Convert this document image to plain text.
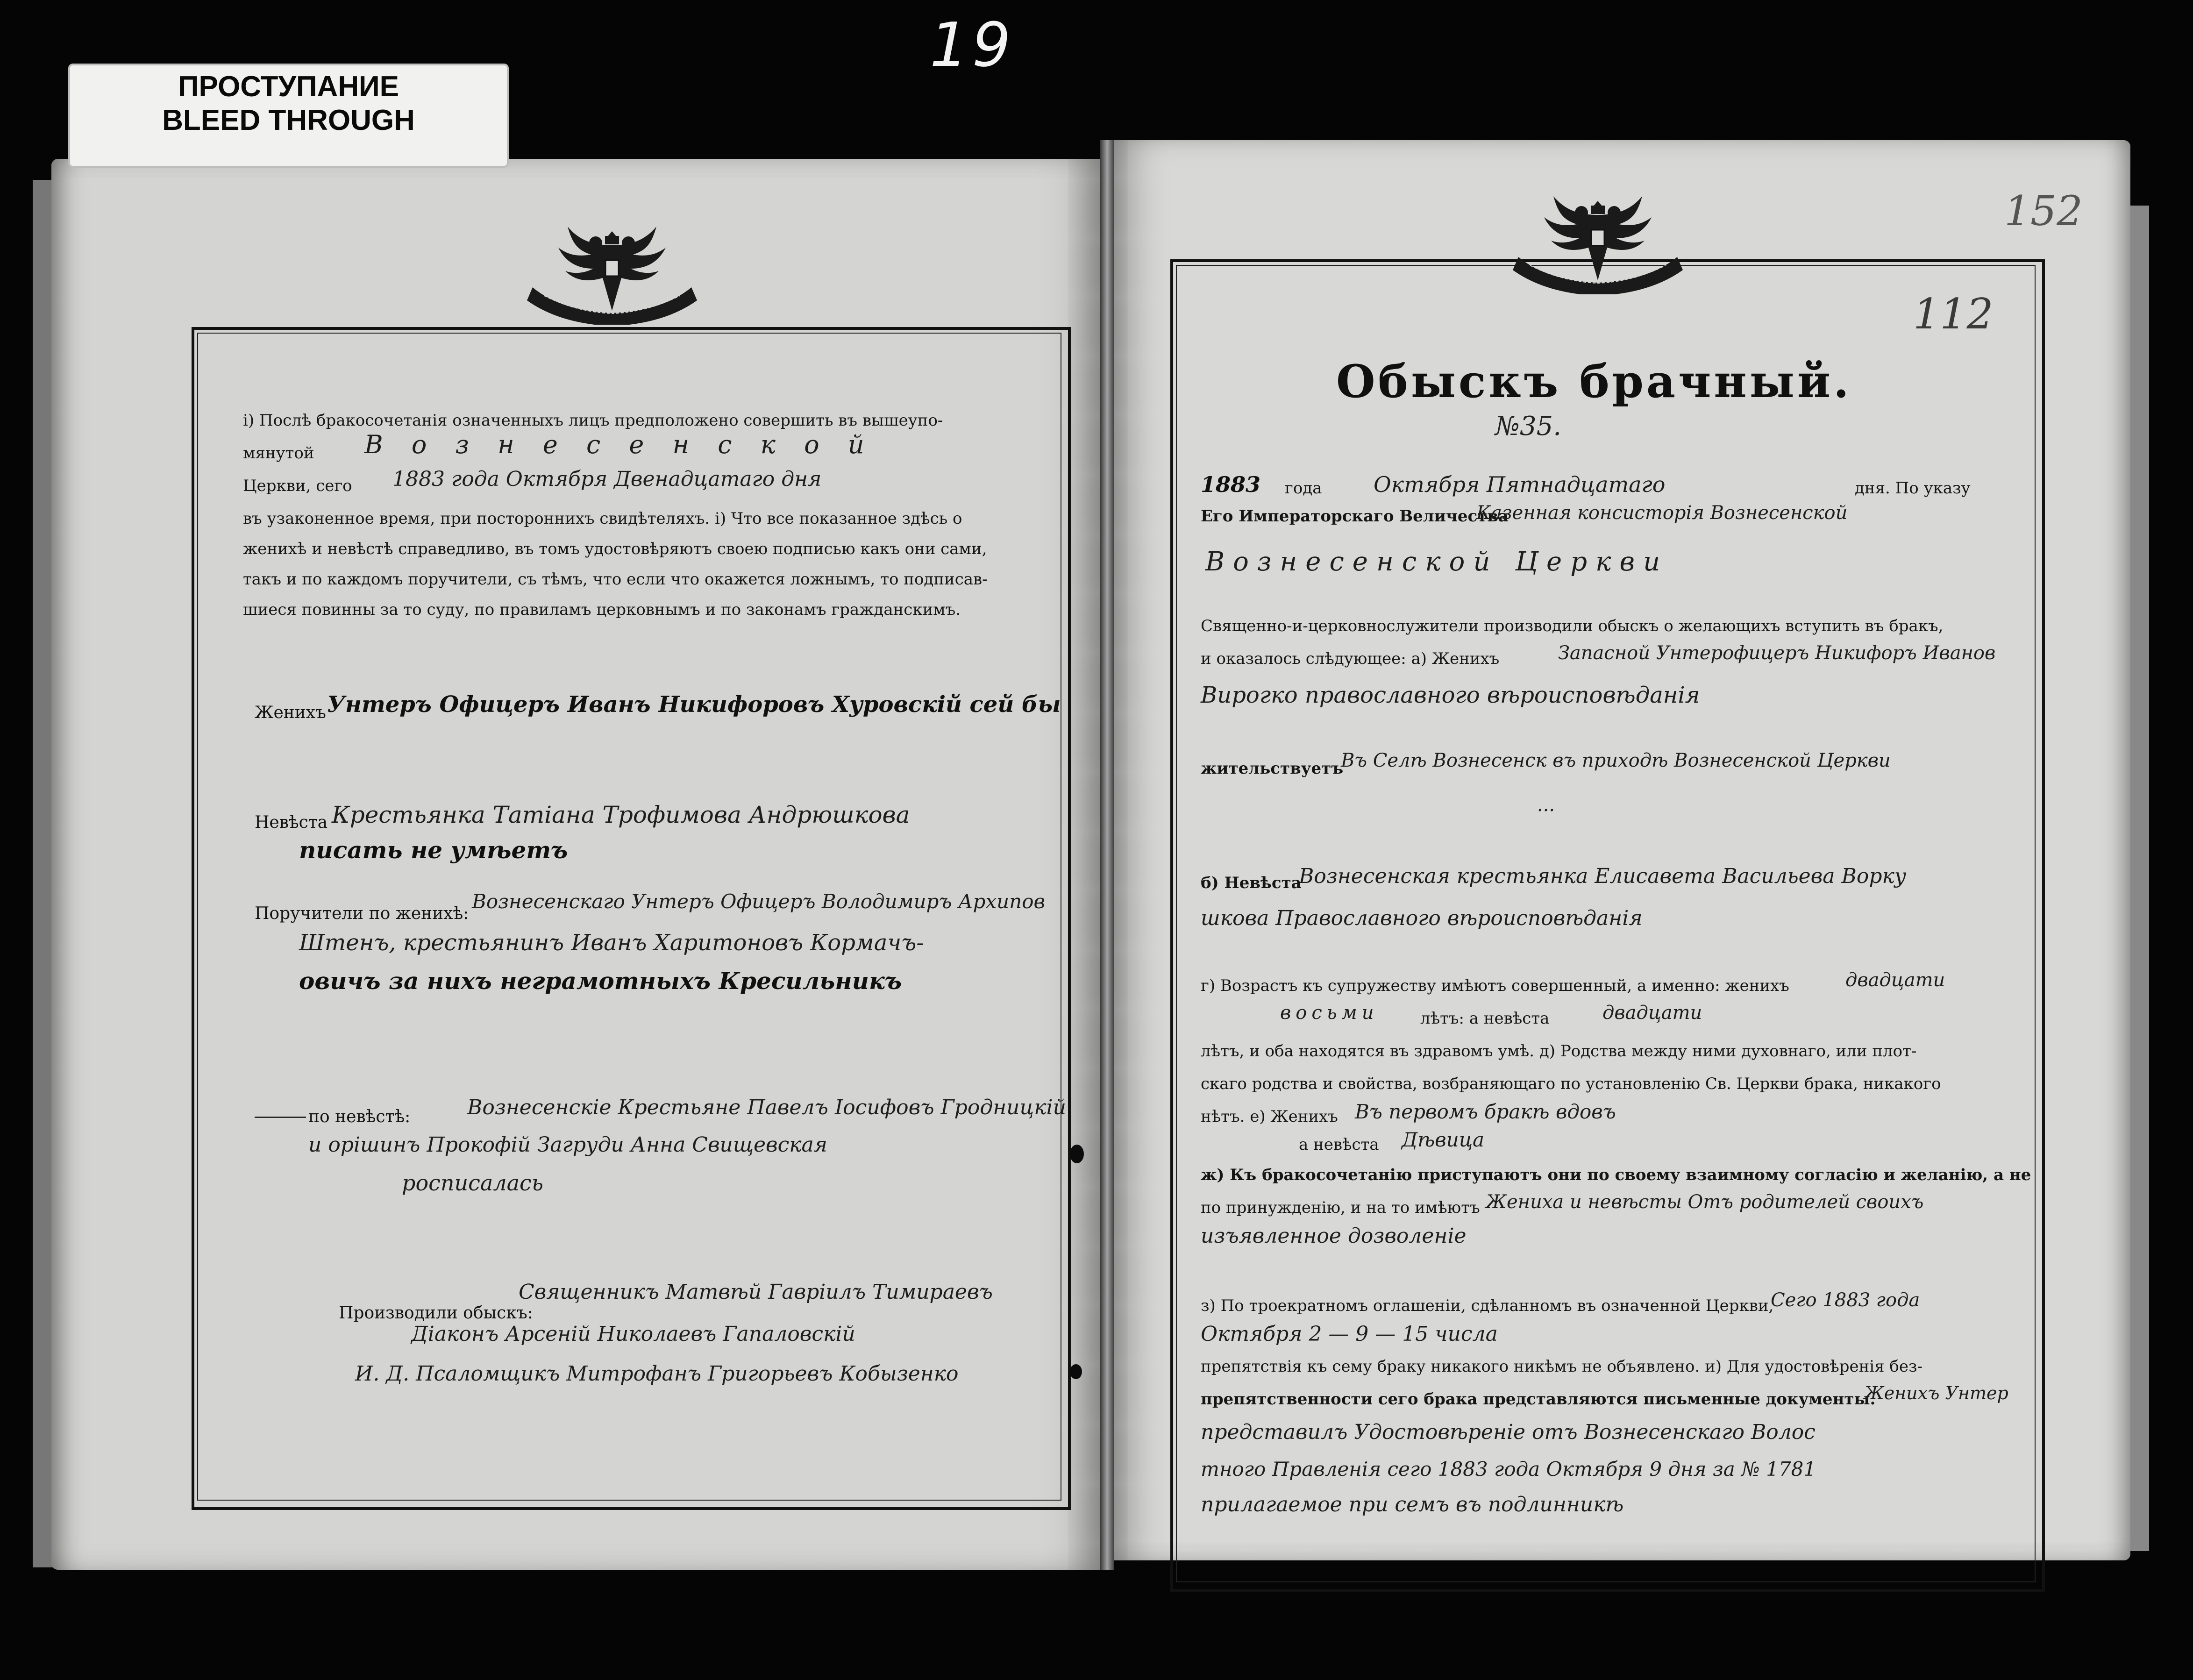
19
ПРОСТУПАНИЕ
BLEED THROUGH
152
112
Обыскъ брачный.
№35.
1883 года Октября Пятнадцатаго	дня. По указу
Его Императорскаго Величества
Казенная консисторія Вознесенской
Вознесенской Церкви
Священно-и-церковнослужители производили обыскъ о желающихъ вступить въ бракъ,
и оказалось слѣдующее: а) Женихъ	Запасной Унтерофицеръ Никифоръ Иванов
Вирогко православного вѣроисповѣданія
жительствуетъ
Въ Селѣ Вознесенск въ приходѣ Вознесенской Церкви
...
б) Невѣста
Вознесенская крестьянка Елисавета Васильева Ворку
шкова Православного вѣроисповѣданія
г) Возрастъ къ супружеству имѣютъ совершенный, а именно: женихъ	двадцати
восьми	лѣтъ: а невѣста	двадцати
лѣтъ, и оба находятся въ здравомъ умѣ. д) Родства между ними духовнаго, или плот-
скаго родства и свойства, возбраняющаго по установленію Св. Церкви брака, никакого
нѣтъ. е) Женихъ Въ первомъ бракѣ вдовъ
а невѣста Дѣвица
ж) Къ бракосочетанію приступаютъ они по своему взаимному согласію и желанію, а не
по принужденію, и на то имѣютъ Жениха и невѣсты Отъ родителей своихъ
изъявленное дозволеніе
з) По троекратномъ оглашеніи, сдѣланномъ въ означенной Церкви,
Сего 1883 года
Октября 2 — 9 — 15 числа
препятствія къ сему браку никакого никѣмъ не объявлено. и) Для удостовѣренія без-
препятственности сего брака представляются письменные документы.
Женихъ Унтер
представилъ Удостовѣреніе отъ Вознесенскаго Волос
тного Правленія сего 1883 года Октября 9 дня за № 1781
прилагаемое при семъ въ подлинникѣ
і) Послѣ бракосочетанія означенныхъ лицъ предположено совершить въ вышеупо-
мянутой В о з н е с е н с к о й
Церкви, сего 1883 года Октября Двенадцатаго дня
въ узаконенное время, при постороннихъ свидѣтеляхъ. і) Что все показанное здѣсь о
женихѣ и невѣстѣ справедливо, въ томъ удостовѣряютъ своею подписью какъ они сами,
такъ и по каждомъ поручители, съ тѣмъ, что если что окажется ложнымъ, то подписав-
шиеся повинны за то суду, по правиламъ церковнымъ и по законамъ гражданскимъ.
Женихъ Унтеръ Офицеръ Иванъ Никифоровъ Хуровскій сей бы
Невѣста Крестьянка Татіана Трофимова Андрюшкова
писать не умѣетъ
Поручители по женихѣ:
Вознесенскаго Унтеръ Офицеръ Володимиръ Архипов
Штенъ, крестьянинъ Иванъ Харитоновъ Кормачъ-
овичъ за нихъ неграмотныхъ Кресильникъ
по невѣстѣ:	Вознесенскіе Крестьяне Павелъ Іосифовъ Гродницкій
и орішинъ Прокофій Загруди Анна Свищевская
росписалась
Производили обыскъ:
Священникъ Матвѣй Гавріилъ Тимираевъ
Діаконъ Арсеній Николаевъ Гапаловскій
И. Д. Псаломщикъ Митрофанъ Григорьевъ Кобызенко
